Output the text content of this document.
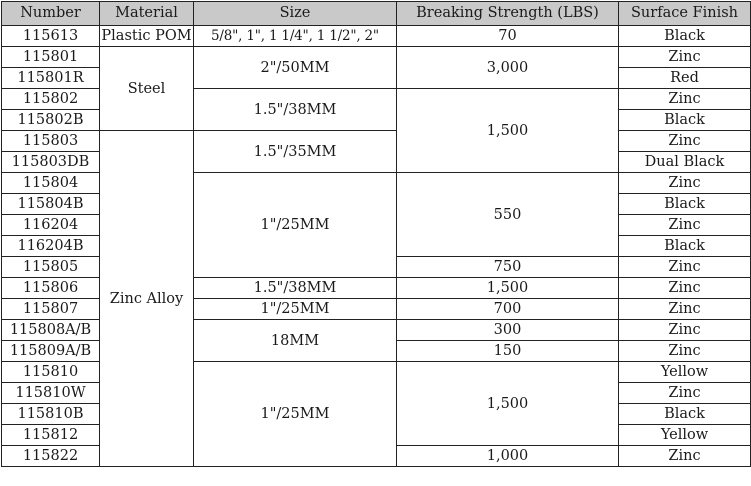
Number	Material	Size	Breaking Strength (LBS)	Surface Finish
115613	Plastic POM	5/8", 1", 1 1/4", 1 1/2", 2"	70	Black
115801	Steel	2"/50MM	3,000	Zinc
115801R				Red
115802		1.5"/38MM	1,500	Zinc
115802B				Black
115803	Zinc Alloy	1.5"/35MM		Zinc
115803DB				Dual Black
115804		1"/25MM	550	Zinc
115804B				Black
116204				Zinc
116204B				Black
115805			750	Zinc
115806		1.5"/38MM	1,500	Zinc
115807		1"/25MM	700	Zinc
115808A/B		18MM	300	Zinc
115809A/B			150	Zinc
115810		1"/25MM	1,500	Yellow
115810W				Zinc
115810B				Black
115812				Yellow
115822			1,000	Zinc
